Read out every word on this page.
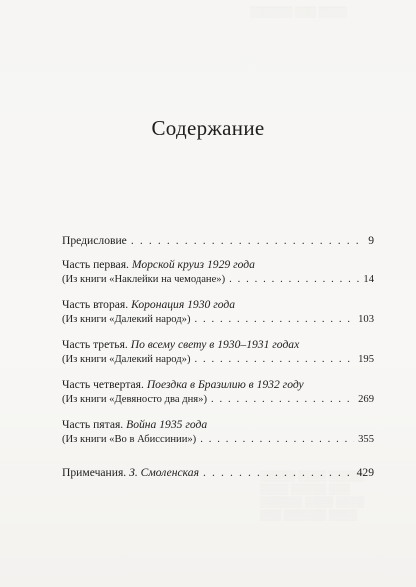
▒▒▒▒▒▒ ▒▒▒ ▒▒▒▒
▒▒▒▒▒ ▒▒▒▒ ▒▒▒▒▒
▒▒▒▒ ▒▒▒▒▒ ▒▒▒
▒▒▒▒▒▒ ▒▒▒▒ ▒▒▒▒
▒▒▒ ▒▒▒▒▒▒ ▒▒▒▒
Содержание
Предисловие . . .	9
Часть первая.
Морской круиз 1929 года
(Из книги «Наклейки на чемодане») . . .	14
Часть вторая.
Коронация 1930 года
(Из книги «Далекий народ») . . .	103
Часть третья.
По всему свету в 1930–1931 годах
(Из книги «Далекий народ») . . .	195
Часть четвертая.
Поездка в Бразилию в 1932 году
(Из книги «Девяносто два дня») . . .	269
Часть пятая.
Война 1935 года
(Из книги «Во в Абиссинии») . . .	355
Примечания.
З. Смоленская . . .	429
